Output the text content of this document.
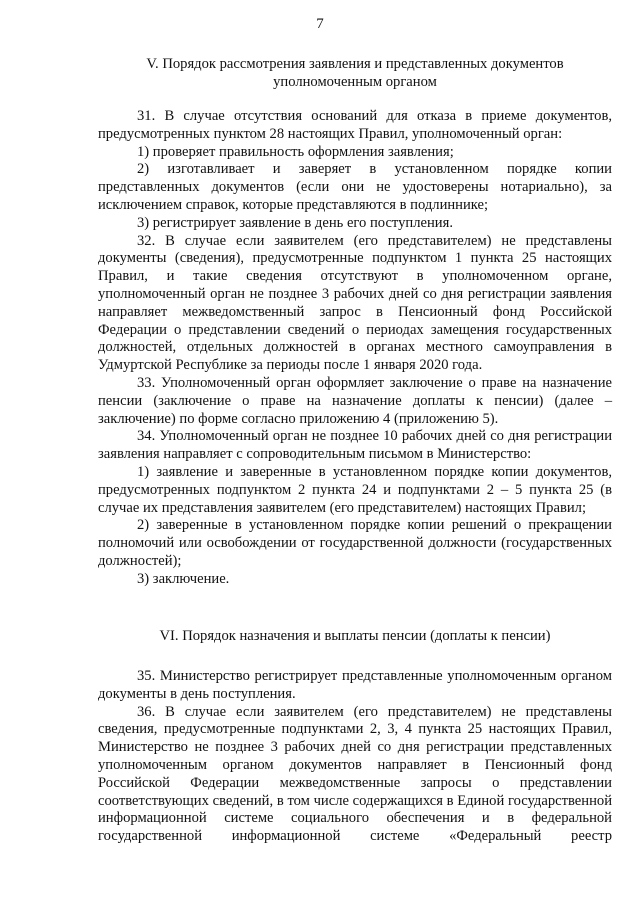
7
V. Порядок рассмотрения заявления и представленных документов
уполномоченным органом

31. В случае отсутствия оснований для отказа в приеме документов, предусмотренных пунктом 28 настоящих Правил, уполномоченный орган:

1) проверяет правильность оформления заявления;

2) изготавливает и заверяет в установленном порядке копии представленных документов (если они не удостоверены нотариально), за исключением справок, которые представляются в подлиннике;

3) регистрирует заявление в день его поступления.

32. В случае если заявителем (его представителем) не представлены документы (сведения), предусмотренные подпунктом 1 пункта 25 настоящих Правил, и такие сведения отсутствуют в уполномоченном органе, уполномоченный орган не позднее 3 рабочих дней со дня регистрации заявления направляет межведомственный запрос в Пенсионный фонд Российской Федерации о представлении сведений о периодах замещения государственных должностей, отдельных должностей в органах местного самоуправления в Удмуртской Республике за периоды после 1 января 2020 года.

33. Уполномоченный орган оформляет заключение о праве на назначение пенсии (заключение о праве на назначение доплаты к пенсии) (далее – заключение) по форме согласно приложению 4 (приложению 5).

34. Уполномоченный орган не позднее 10 рабочих дней со дня регистрации заявления направляет с сопроводительным письмом в Министерство:

1) заявление и заверенные в установленном порядке копии документов, предусмотренных подпунктом 2 пункта 24 и подпунктами 2 – 5 пункта 25 (в случае их представления заявителем (его представителем) настоящих Правил;

2) заверенные в установленном порядке копии решений о прекращении полномочий или освобождении от государственной должности (государственных должностей);

3) заключение.

VI. Порядок назначения и выплаты пенсии (доплаты к пенсии)

35. Министерство регистрирует представленные уполномоченным органом документы в день поступления.

36. В случае если заявителем (его представителем) не представлены сведения, предусмотренные подпунктами 2, 3, 4 пункта 25 настоящих Правил, Министерство не позднее 3 рабочих дней со дня регистрации представленных уполномоченным органом документов направляет в Пенсионный фонд Российской Федерации межведомственные запросы о представлении соответствующих сведений, в том числе содержащихся в Единой государственной информационной системе социального обеспечения и в федеральной государственной информационной системе «Федеральный реестр
